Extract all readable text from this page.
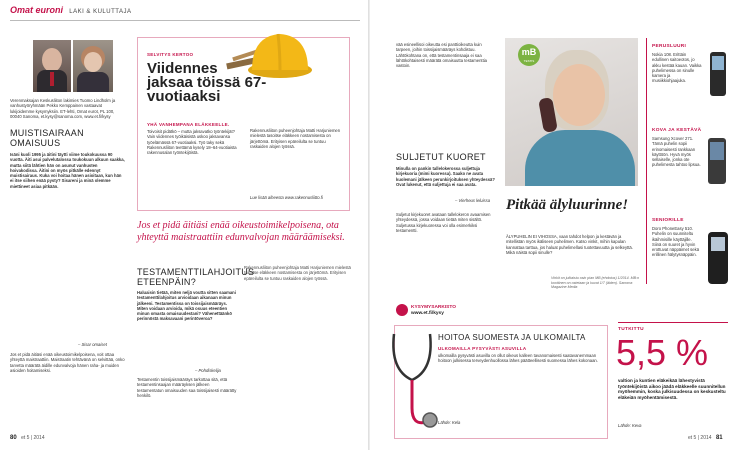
Omat euroni LAKI & KULUTTAJA

Verenmaksajan Keskusliiton lakimies Tuomo Lindholm ja vanhustyöryhmään Pekko Kemppainen vastaavat lukijoidemme kysymyksiin. ET-lehti, Omat eurot, PL 100, 00040 Sanoma, et.kysy@sanoma.com, www.et.fi/kysy

MUISTISAIRAAN OMAISUUS

Isäni kuoli 1995 ja äitini täytti viime toukokuussa 90 vuotta. Äiti asui palvelutalossa toukokuun alkuun saakka, mutta siitä lähtien hän on asunut vanhusten hoivakodissa. Äitini on myös pitkälle edennyt muistisairaus. Kuka voi hoitaa hänen asioitaan, kun hän ei itse siihen enää pysty? Sisareni ja minä olemme miettineet asiaa pitkään.

– Sisar omaiset

Jos et pidä äitiäsi enää oikeustoimikelpoisena, voit ottaa yhteyttä maistraattiin. Maistraatin tehtävänä on selvittää, onko tarvetta määrätä äidille edunvalvoja hänen raha- ja muiden asioiden hoitamiseksi.

SELVITYS KERTOO

Viidennes jaksaa töissä 67-vuotiaaksi

YHÄ VANHEMPANA ELÄKKEELLE.

Toivoisit pidätkö – mutta jaksavatko työntekijät? Vain viidennes työikäisistä uskoo jaksavansa työelämässä 67-vuotiaaksi. Työ taky sekä Rakennusliiton teettämä kysely 18–64-vuotiaista rakennusalan työntekijöistä.

Rakennusliiton puheenjohtaja Matti Harjuniemen mielestä tasoitse eläkkeen nostamisesta on järjettömä. Erityisen epäreilulta se tuntuu raskaiden alojen työssä.

Lue lisää aiheesta www.rakennusliitto.fi

Jos et pidä äitiäsi enää oikeustoimikelpoisena, ota yhteyttä maistraattiin edunvalvojan määräämiseksi.

TESTAMENTTILAHJOITUS ETEENPÄIN?

Haluaisin tietää, miten neljä voutta sitten saamani testamenttilahjoitus arvioidaan aikanaan minun jälkeeni. Testamentissa on toissijaismääräys. Miten voidaan arvioida, mikä osuus eteentien minun omasta omaisuudestani? Vähenettäänkö perinnöstä maksavaani perintöveroa?

– Pohdiskelija

Testamentin toissijaismääräys tarkottaa sitä, että testamentinsaajan määräyksen jälkeen testamentatun omaisuuden saa toissijaisesti määrätty henkilö.

Rakennusliiton puheenjohtaja Matti Harjuniemen mielestä tasoitse eläkkeen nostamisesta on järjettömä. Erityisen epäreilulta se tuntuu raskaiden alojen työssä.

80 et 5 | 2014

vää esineellisoi oikeutta esi panttioikeutta kuin tarpeen, joihin toissijaismääräys kohdistuu. Lähtökohtana on, että testamentinsaaja ei saa lähtökohtaisesti määrätä omaisuutta testamenttia vastoin.

SULJETUT KUORET

Minulla on pankin tallelokerossa suljettuja kirjekuoria (mimi kuoressa). Saako ne avata kuolemani jälkeen perunkirjoituksen yhteydessä? Ovat lukenut, että suljettuja ei saa avata.

– Vierheus leluissa

Suljetut kirjekuoret avataan tallelokeron avaamisen yhteydessä, jossa voidaan tietää miten sisältö. Suljetussa kirjekuoressa voi olla esimerkiksi testamentti.

KYSYMYSARKISTO

www.et.fi/kysy

mB
TESTIS
Pitkää älyluurinne!

ÄLYPUHELIN EI VIHOSSA, vaan tahdot helpon ja kestävän ja mitellistän myös ikäliseen puhelimen. Katso vinkit, mihin kapulan kannattaa tarttua, jos haluat puhelimellasi tuotettavuutta ja selkeyttä. Mikä näistä sopii sinulle?

Vinkit on julkaistu osin pian MB (ehdotus) 1/2014. MB:n koottinen on ostetaan ja kuvat 1/7 (äiden). Sanoma Magazine Media

PERUSLUURI

Nokia 108. Erittäin edullinen saitoeotos, jo akku kestää kauan. Vaikka puhelimessa on sinulle kamera ja musiikkiohjaajuka.

KOVA JA KESTÄVÄ

Samsung Xcover 271. Tämä puhelin sopii erinomaisesti rankkaan käyttöön. Hyvä myös sellaiselle, jonka ote puhelimesta tahtoo lipsua.

SENIORILLE

Doro PhoneEasy 510. Puhelin on suunniteltu ikäihmisille käyttäjille. Siinä on suuret ja hyvin erottuvat näppäimet sekä erillinen hälytysnäppäin.

HOITOA SUOMESTA JA ULKOMAILTA

ULKOMAILLA PYSYVÄSTI ASUVILLA

ulkomailla pysyvästi asuvilla on ollut oikeus kalleen tavanomaisesti saatavanemmaan hoitoon julkisessa terveydenhuollossa lähes päätteellisesti suomessa lähes kokonaan.

Lähde: Kela

TUTKITTU

5,5 %

valtion ja kuntien eläkeikää lähestyvistä työntekijöistä aikoo jäädä eläkkeelle suunnitellun myöhemmin, koska julkisuudessa on keskusteltu eläkeiän myöhentämisestä.

Lähde: Keva

et 5 | 2014 81
